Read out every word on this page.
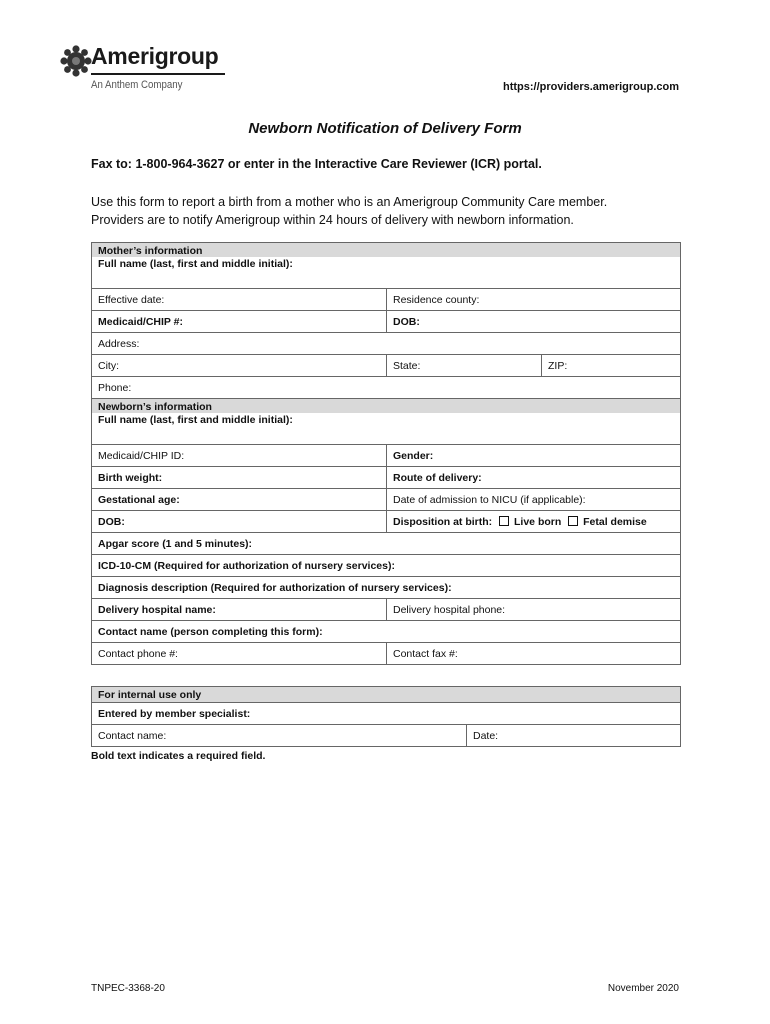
Amerigroup
An Anthem Company	https://providers.amerigroup.com
Newborn Notification of Delivery Form
Fax to: 1-800-964-3627 or enter in the Interactive Care Reviewer (ICR) portal.
Use this form to report a birth from a mother who is an Amerigroup Community Care member.
Providers are to notify Amerigroup within 24 hours of delivery with newborn information.
Mother’s information		
Full name (last, first and middle initial):		
Effective date:	Residence county:	
Medicaid/CHIP #:	DOB:	
Address:		
City:	State:	ZIP:
Phone:		
Newborn’s information		
Full name (last, first and middle initial):		
Medicaid/CHIP ID:	Gender:	
Birth weight:	Route of delivery:	
Gestational age:	Date of admission to NICU (if applicable):	
DOB:	Disposition at birth: Live born Fetal demise	
Apgar score (1 and 5 minutes):		
ICD-10-CM (Required for authorization of nursery services):		
Diagnosis description (Required for authorization of nursery services):		
Delivery hospital name:	Delivery hospital phone:	
Contact name (person completing this form):		
Contact phone #:	Contact fax #:	
For internal use only
Entered by member specialist:
Contact name:	Date:
Bold text indicates a required field.
TNPEC-3368-20	November 2020
